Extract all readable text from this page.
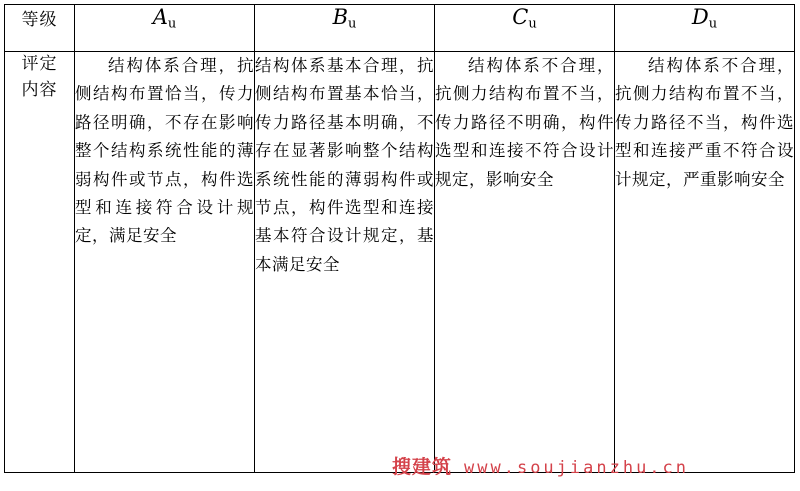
等级	$A_u$	$B_u$	$C_u$	$D_u$

评定
内容	结构体系合理，抗侧结构布置恰当，传力路径明确，不存在影响整个结构系统性能的薄弱构件或节点，构件选型和连接符合设计规定，满足安全	结构体系基本合理，抗侧结构布置基本恰当，传力路径基本明确，不存在显著影响整个结构系统性能的薄弱构件或节点，构件选型和连接基本符合设计规定，基本满足安全	结构体系不合理，抗侧力结构布置不当，传力路径不明确，构件选型和连接不符合设计规定，影响安全	结构体系不合理，抗侧力结构布置不当，传力路径不当，构件选型和连接严重不符合设计规定，严重影响安全

搜建筑 www.soujianzhu.cn
